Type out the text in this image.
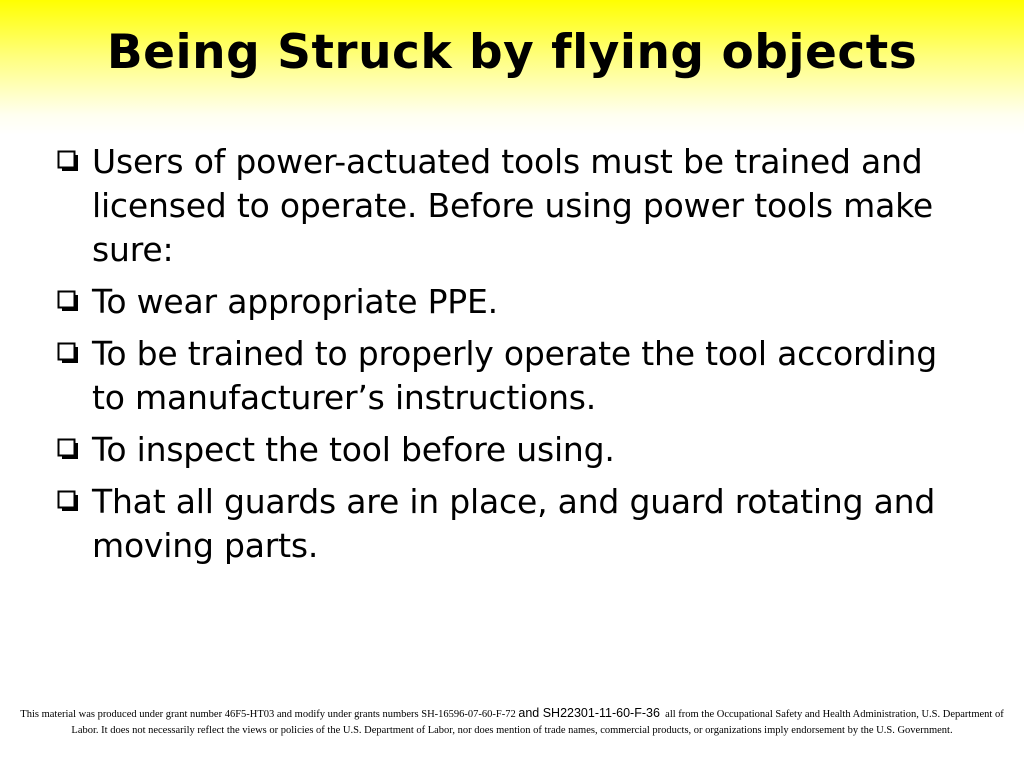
Being Struck by flying objects
Users of power-actuated tools must be trained and licensed to operate. Before using power tools make sure:
To wear appropriate PPE.
To be trained to properly operate the tool according to manufacturer’s instructions.
To inspect the tool before using.
That all guards are in place, and guard rotating and moving parts.

This material was produced under grant number 46F5-HT03 and modify under grants numbers SH-16596-07-60-F-72 and SH22301-11-60-F-36 all from the Occupational Safety and Health Administration, U.S. Department of Labor. It does not necessarily reflect the views or policies of the U.S. Department of Labor, nor does mention of trade names, commercial products, or organizations imply endorsement by the U.S. Government.
